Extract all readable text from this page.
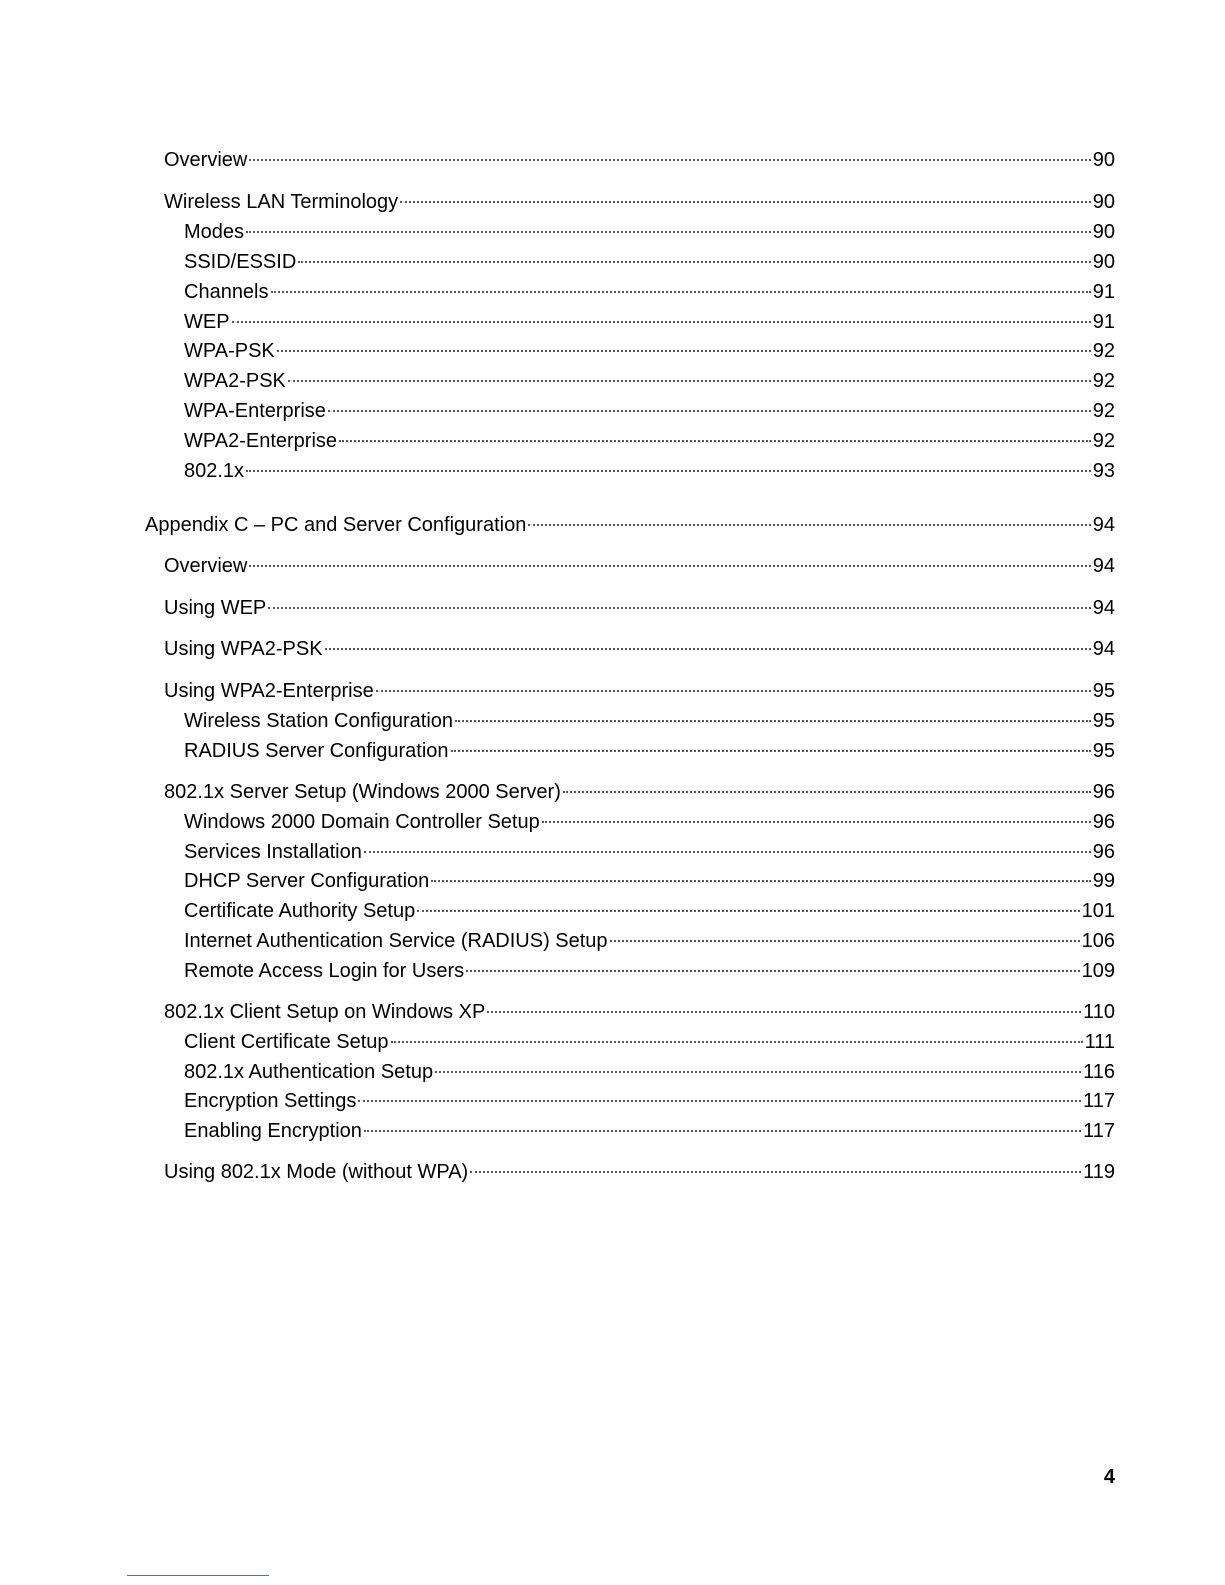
Overview	90
Wireless LAN Terminology	90
Modes	90
SSID/ESSID	90
Channels	91
WEP	91
WPA-PSK	92
WPA2-PSK	92
WPA-Enterprise	92
WPA2-Enterprise	92
802.1x	93
Appendix C – PC and Server Configuration	94
Overview	94
Using WEP	94
Using WPA2-PSK	94
Using WPA2-Enterprise	95
Wireless Station Configuration	95
RADIUS Server Configuration	95
802.1x Server Setup (Windows 2000 Server)	96
Windows 2000 Domain Controller Setup	96
Services Installation	96
DHCP Server Configuration	99
Certificate Authority Setup	101
Internet Authentication Service (RADIUS) Setup	106
Remote Access Login for Users	109
802.1x Client Setup on Windows XP	110
Client Certificate Setup	111
802.1x Authentication Setup	116
Encryption Settings	117
Enabling Encryption	117
Using 802.1x Mode (without WPA)	119
4
